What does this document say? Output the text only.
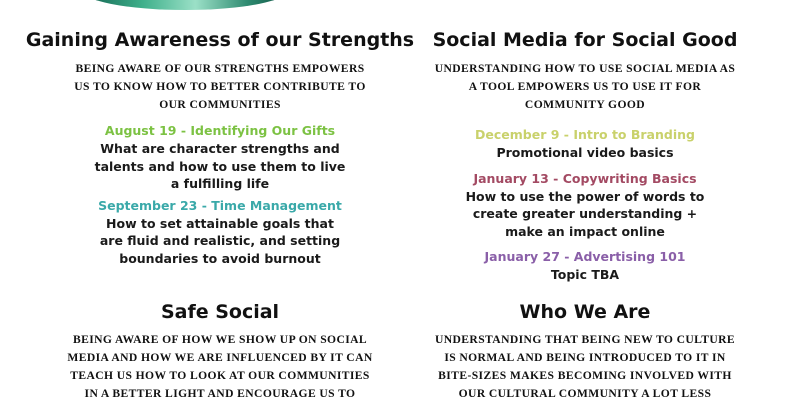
Gaining Awareness of our Strengths

BEING AWARE OF OUR STRENGTHS EMPOWERS

US TO KNOW HOW TO BETTER CONTRIBUTE TO

OUR COMMUNITIES

August 19 - Identifying Our Gifts

What are character strengths and

talents and how to use them to live

a fulfilling life

September 23 - Time Management

How to set attainable goals that

are fluid and realistic, and setting

boundaries to avoid burnout

Social Media for Social Good

UNDERSTANDING HOW TO USE SOCIAL MEDIA AS

A TOOL EMPOWERS US TO USE IT FOR

COMMUNITY GOOD

December 9 - Intro to Branding

Promotional video basics

January 13 - Copywriting Basics

How to use the power of words to

create greater understanding +

make an impact online

January 27 - Advertising 101

Topic TBA

Safe Social

BEING AWARE OF HOW WE SHOW UP ON SOCIAL

MEDIA AND HOW WE ARE INFLUENCED BY IT CAN

TEACH US HOW TO LOOK AT OUR COMMUNITIES

IN A BETTER LIGHT AND ENCOURAGE US TO

Who We Are

UNDERSTANDING THAT BEING NEW TO CULTURE

IS NORMAL AND BEING INTRODUCED TO IT IN

BITE-SIZES MAKES BECOMING INVOLVED WITH

OUR CULTURAL COMMUNITY A LOT LESS
